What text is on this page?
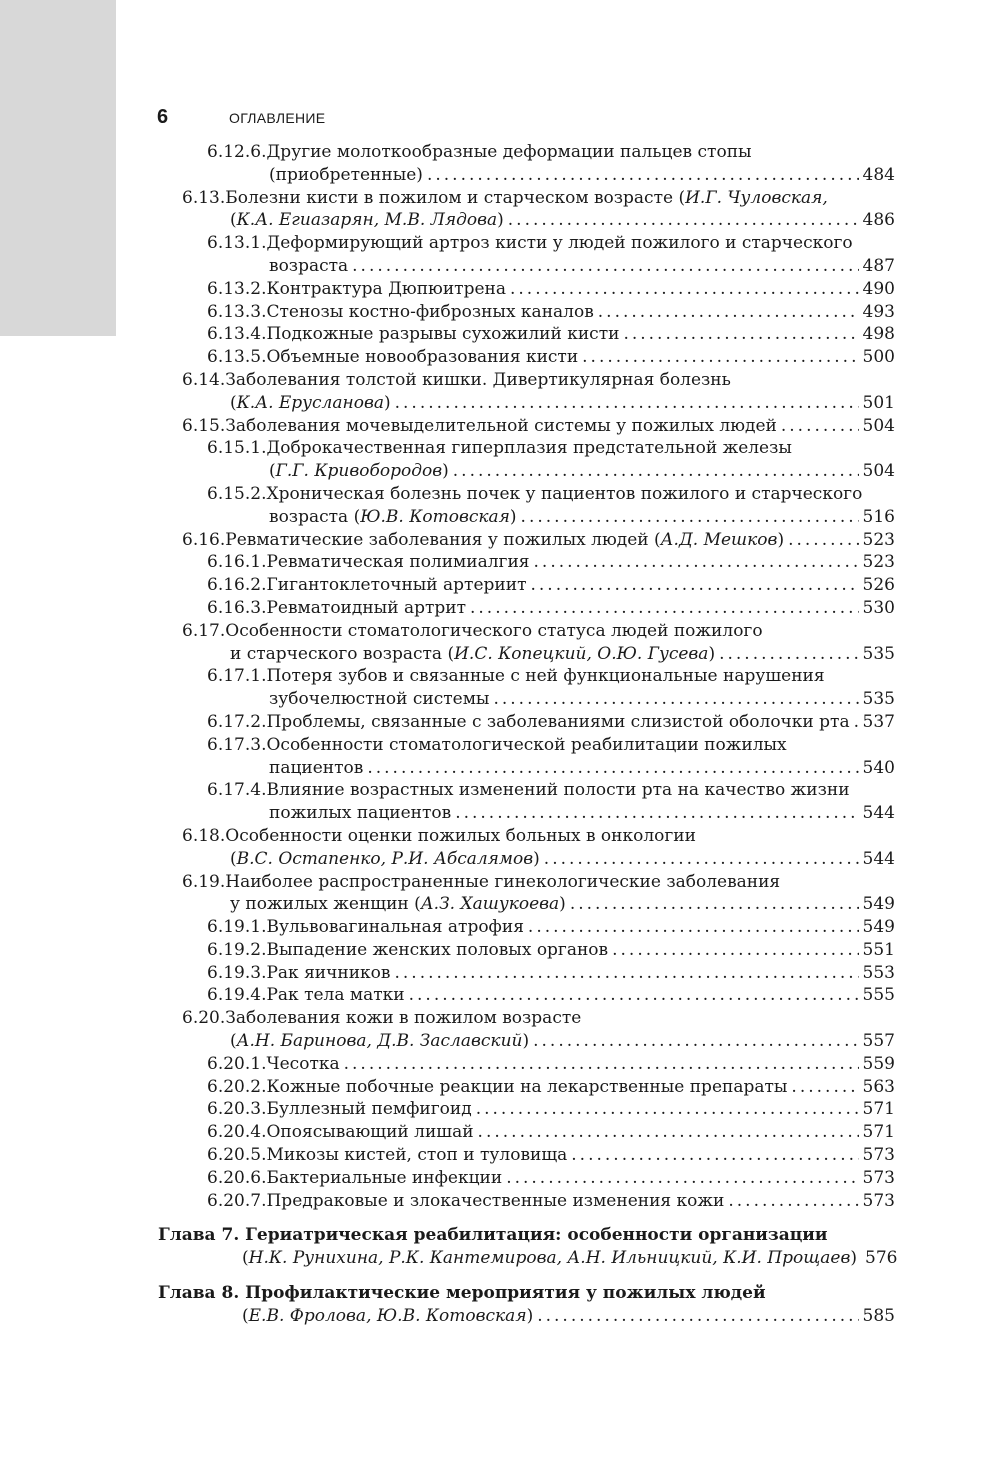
6	ОГЛАВЛЕНИЕ
6.12.6.Другие молоткообразные деформации пальцев стопы
(приобретенные) .....	484
6.13.Болезни кисти в пожилом и старческом возрасте (И.Г. Чуловская,
(К.А. Егиазарян, М.В. Лядова) .....	486
6.13.1.Деформирующий артроз кисти у людей пожилого и старческого
возраста .....	487
6.13.2.Контрактура Дюпюитрена .....	490
6.13.3.Стенозы костно-фиброзных каналов .....	493
6.13.4.Подкожные разрывы сухожилий кисти .....	498
6.13.5.Объемные новообразования кисти .....	500
6.14.Заболевания толстой кишки. Дивертикулярная болезнь
(К.А. Ерусланова) .....	501
6.15.Заболевания мочевыделительной системы у пожилых людей .....	504
6.15.1.Доброкачественная гиперплазия предстательной железы
(Г.Г. Кривобородов) .....	504
6.15.2.Хроническая болезнь почек у пациентов пожилого и старческого
возраста (Ю.В. Котовская) .....	516
6.16.Ревматические заболевания у пожилых людей (А.Д. Мешков) .....	523
6.16.1.Ревматическая полимиалгия .....	523
6.16.2.Гигантоклеточный артериит .....	526
6.16.3.Ревматоидный артрит .....	530
6.17.Особенности стоматологического статуса людей пожилого
и старческого возраста (И.С. Копецкий, О.Ю. Гусева) .....	535
6.17.1.Потеря зубов и связанные с ней функциональные нарушения
зубочелюстной системы .....	535
6.17.2.Проблемы, связанные с заболеваниями слизистой оболочки рта ..... 537
6.17.3.Особенности стоматологической реабилитации пожилых
пациентов .....	540
6.17.4.Влияние возрастных изменений полости рта на качество жизни
пожилых пациентов .....	544
6.18.Особенности оценки пожилых больных в онкологии
(В.С. Остапенко, Р.И. Абсалямов) .....	544
6.19.Наиболее распространенные гинекологические заболевания
у пожилых женщин (А.З. Хашукоева) .....	549
6.19.1.Вульвовагинальная атрофия .....	549
6.19.2.Выпадение женских половых органов .....	551
6.19.3.Рак яичников .....	553
6.19.4.Рак тела матки .....	555
6.20.Заболевания кожи в пожилом возрасте
(А.Н. Баринова, Д.В. Заславский) .....	557
6.20.1.Чесотка .....	559
6.20.2.Кожные побочные реакции на лекарственные препараты .....	563
6.20.3.Буллезный пемфигоид .....	571
6.20.4.Опоясывающий лишай .....	571
6.20.5.Микозы кистей, стоп и туловища .....	573
6.20.6.Бактериальные инфекции .....	573
6.20.7.Предраковые и злокачественные изменения кожи .....	573
Глава 7. Гериатрическая реабилитация: особенности организации
(Н.К. Рунихина, Р.К. Кантемирова, А.Н. Ильницкий, К.И. Прощаев) 576
Глава 8. Профилактические мероприятия у пожилых людей
(Е.В. Фролова, Ю.В. Котовская) .....	585
